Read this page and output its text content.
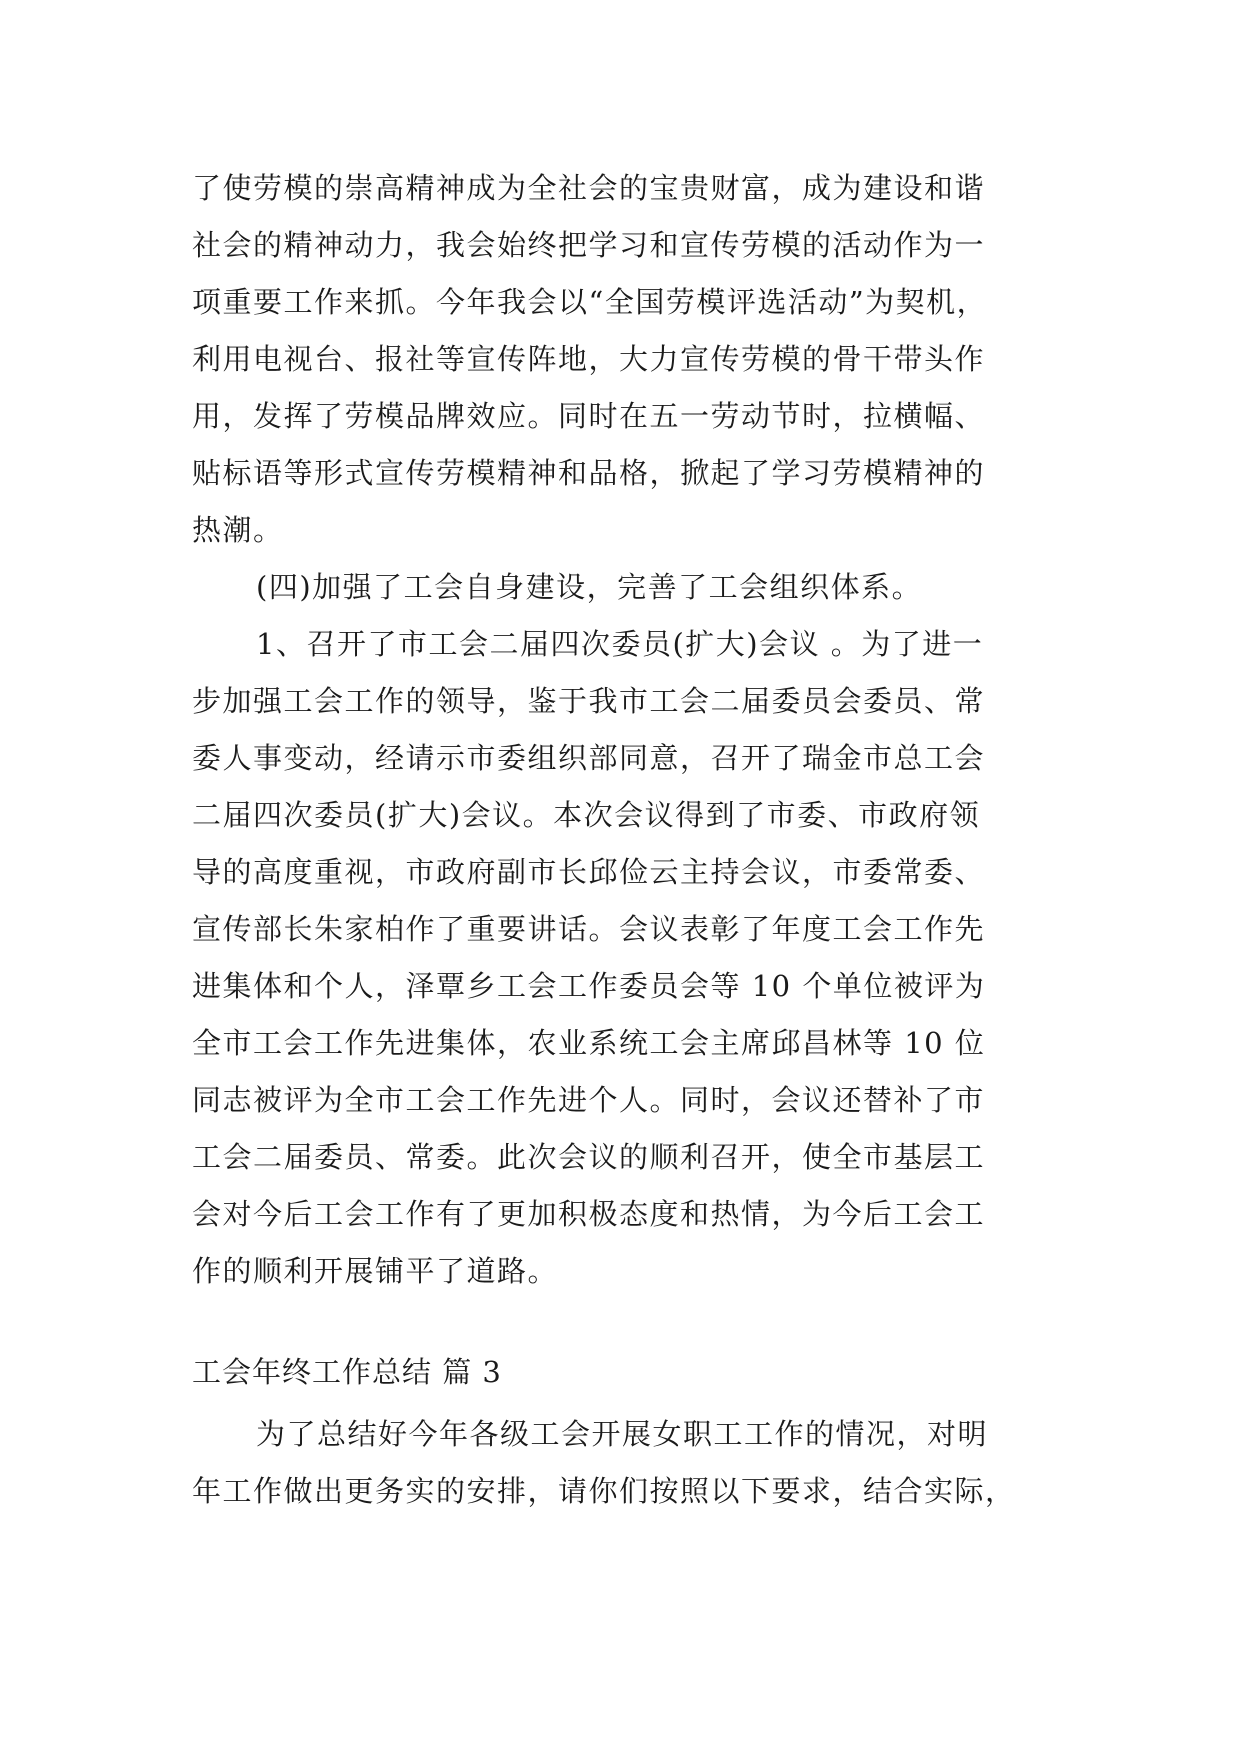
了使劳模的崇高精神成为全社会的宝贵财富，成为建设和谐
社会的精神动力，我会始终把学习和宣传劳模的活动作为一
项重要工作来抓。今年我会以“全国劳模评选活动”为契机，
利用电视台、报社等宣传阵地，大力宣传劳模的骨干带头作
用，发挥了劳模品牌效应。同时在五一劳动节时，拉横幅、
贴标语等形式宣传劳模精神和品格，掀起了学习劳模精神的
热潮。
(四)加强了工会自身建设，完善了工会组织体系。
1、召开了市工会二届四次委员(扩大)会议 。为了进一
步加强工会工作的领导，鉴于我市工会二届委员会委员、常
委人事变动，经请示市委组织部同意，召开了瑞金市总工会
二届四次委员(扩大)会议。本次会议得到了市委、市政府领
导的高度重视，市政府副市长邱俭云主持会议，市委常委、
宣传部长朱家柏作了重要讲话。会议表彰了年度工会工作先
进集体和个人，泽覃乡工会工作委员会等 10 个单位被评为
全市工会工作先进集体，农业系统工会主席邱昌林等 10 位
同志被评为全市工会工作先进个人。同时，会议还替补了市
工会二届委员、常委。此次会议的顺利召开，使全市基层工
会对今后工会工作有了更加积极态度和热情，为今后工会工
作的顺利开展铺平了道路。
工会年终工作总结 篇 3
为了总结好今年各级工会开展女职工工作的情况，对明
年工作做出更务实的安排，请你们按照以下要求，结合实际，
